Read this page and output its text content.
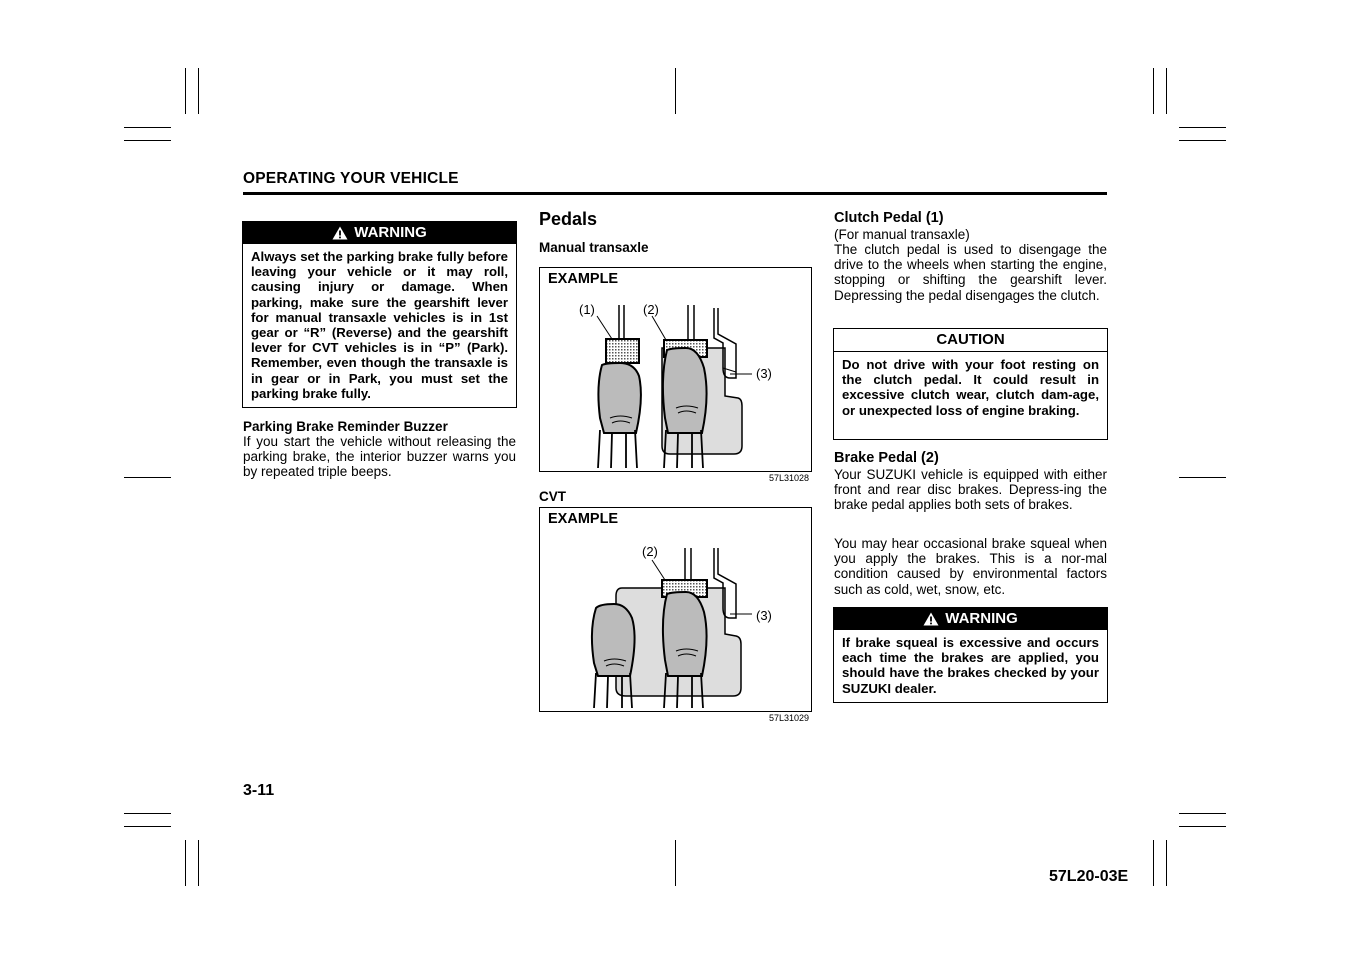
OPERATING YOUR VEHICLE
WARNING
Always set the parking brake fully before leaving your vehicle or it may roll, causing injury or damage. When parking, make sure the gearshift lever for manual transaxle vehicles is in 1st gear or “R” (Reverse) and the gearshift lever for CVT vehicles is in “P” (Park). Remember, even though the transaxle is in gear or in Park, you must set the parking brake fully.
Parking Brake Reminder Buzzer
If you start the vehicle without releasing the parking brake, the interior buzzer warns you by repeated triple beeps.
Pedals
Manual transaxle
EXAMPLE
(1)	(2)
(3)
57L31028
CVT
EXAMPLE
(2)
(3)
57L31029
Clutch Pedal (1)
(For manual transaxle)
The clutch pedal is used to disengage the drive to the wheels when starting the engine, stopping or shifting the gearshift lever. Depressing the pedal disengages the clutch.
CAUTION
Do not drive with your foot resting on the clutch pedal. It could result in excessive clutch wear, clutch dam-age, or unexpected loss of engine braking.
Brake Pedal (2)
Your SUZUKI vehicle is equipped with either front and rear disc brakes. Depress-ing the brake pedal applies both sets of brakes.
You may hear occasional brake squeal when you apply the brakes. This is a nor-mal condition caused by environmental factors such as cold, wet, snow, etc.
WARNING
If brake squeal is excessive and occurs each time the brakes are applied, you should have the brakes checked by your SUZUKI dealer.
3-11
57L20-03E
